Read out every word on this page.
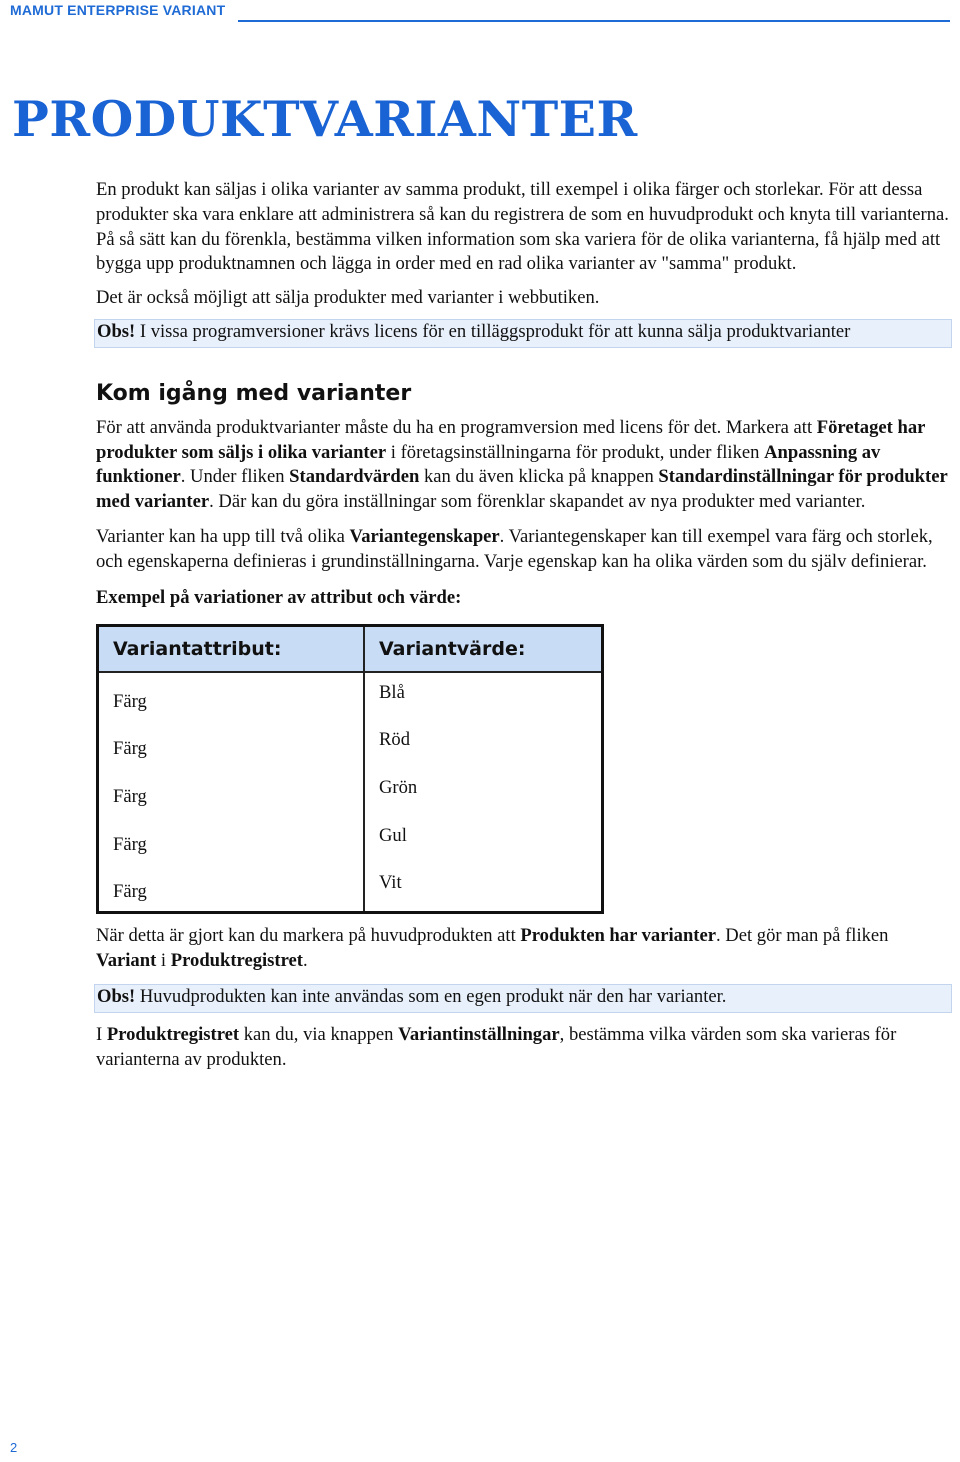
MAMUT ENTERPRISE VARIANT
PRODUKTVARIANTER

En produkt kan säljas i olika varianter av samma produkt, till exempel i olika färger och storlekar. För att dessa produkter ska vara enklare att administrera så kan du registrera de som en huvudprodukt och knyta till varianterna. På så sätt kan du förenkla, bestämma vilken information som ska variera för de olika varianterna, få hjälp med att bygga upp produktnamnen och lägga in order med en rad olika varianter av "samma" produkt.

Det är också möjligt att sälja produkter med varianter i webbutiken.

Obs! I vissa programversioner krävs licens för en tilläggsprodukt för att kunna sälja produktvarianter
Kom igång med varianter

För att använda produktvarianter måste du ha en programversion med licens för det. Markera att Företaget har produkter som säljs i olika varianter i företagsinställningarna för produkt, under fliken Anpassning av funktioner. Under fliken Standardvärden kan du även klicka på knappen Standardinställningar för produkter med varianter. Där kan du göra inställningar som förenklar skapandet av nya produkter med varianter.

Varianter kan ha upp till två olika Variantegenskaper. Variantegenskaper kan till exempel vara färg och storlek, och egenskaperna definieras i grundinställningarna. Varje egenskap kan ha olika värden som du själv definierar.

Exempel på variationer av attribut och värde:

Variantattribut:	Variantvärde:
Färg	Blå
Färg	Röd
Färg	Grön
Färg	Gul
Färg	Vit

När detta är gjort kan du markera på huvudprodukten att Produkten har varianter. Det gör man på fliken Variant i Produktregistret.

Obs! Huvudprodukten kan inte användas som en egen produkt när den har varianter.

I Produktregistret kan du, via knappen Variantinställningar, bestämma vilka värden som ska varieras för varianterna av produkten.

2
